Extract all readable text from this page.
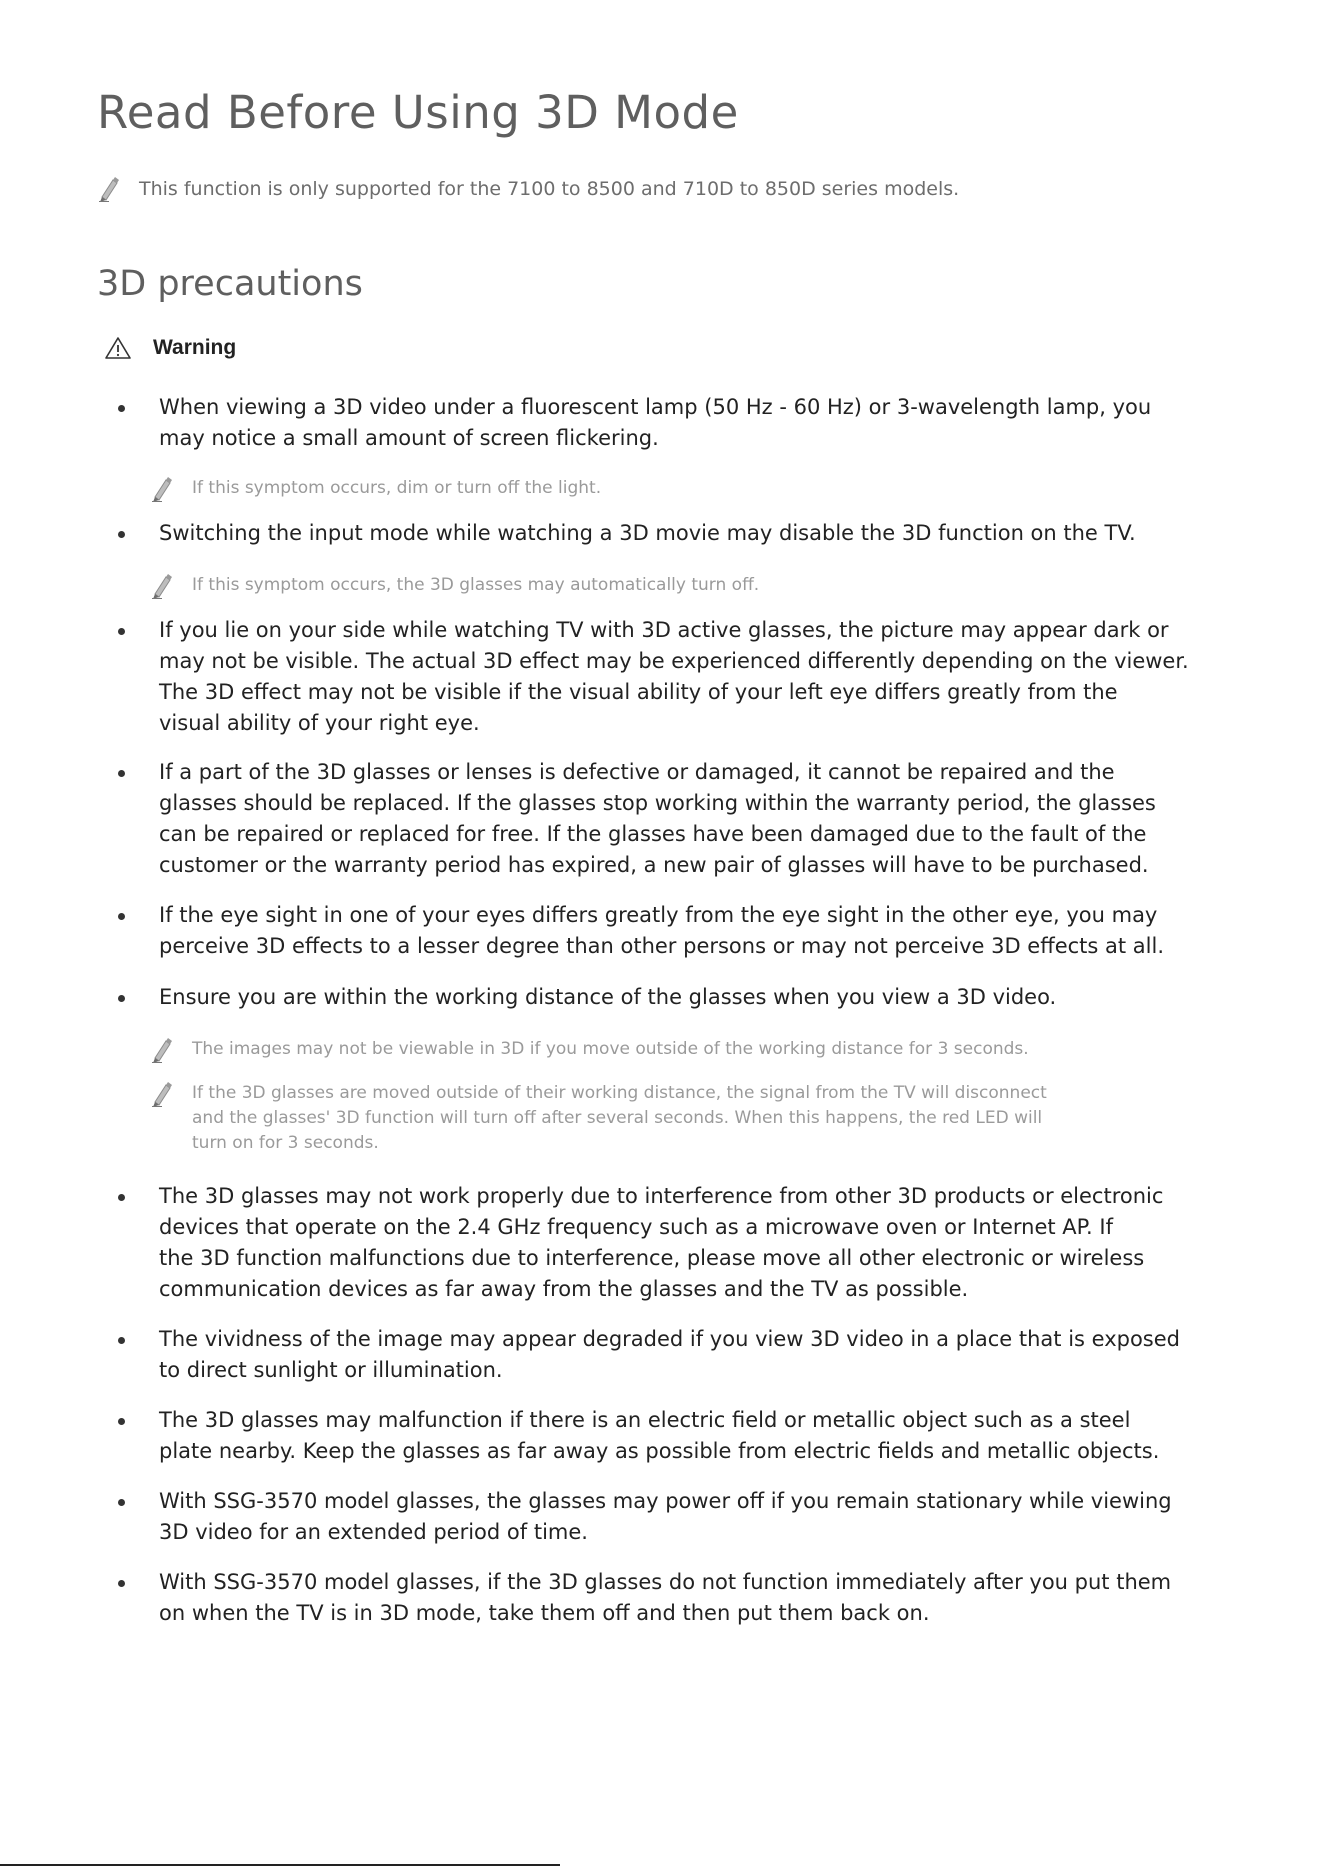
Read Before Using 3D Mode
This function is only supported for the 7100 to 8500 and 710D to 850D series models.
3D precautions
Warning
When viewing a 3D video under a fluorescent lamp (50 Hz - 60 Hz) or 3-wavelength lamp, you
may notice a small amount of screen flickering.
If this symptom occurs, dim or turn off the light.
Switching the input mode while watching a 3D movie may disable the 3D function on the TV.
If this symptom occurs, the 3D glasses may automatically turn off.
If you lie on your side while watching TV with 3D active glasses, the picture may appear dark or
may not be visible. The actual 3D effect may be experienced differently depending on the viewer.
The 3D effect may not be visible if the visual ability of your left eye differs greatly from the
visual ability of your right eye.
If a part of the 3D glasses or lenses is defective or damaged, it cannot be repaired and the
glasses should be replaced. If the glasses stop working within the warranty period, the glasses
can be repaired or replaced for free. If the glasses have been damaged due to the fault of the
customer or the warranty period has expired, a new pair of glasses will have to be purchased.
If the eye sight in one of your eyes differs greatly from the eye sight in the other eye, you may
perceive 3D effects to a lesser degree than other persons or may not perceive 3D effects at all.
Ensure you are within the working distance of the glasses when you view a 3D video.
The images may not be viewable in 3D if you move outside of the working distance for 3 seconds.
If the 3D glasses are moved outside of their working distance, the signal from the TV will disconnect
and the glasses' 3D function will turn off after several seconds. When this happens, the red LED will
turn on for 3 seconds.
The 3D glasses may not work properly due to interference from other 3D products or electronic
devices that operate on the 2.4 GHz frequency such as a microwave oven or Internet AP. If
the 3D function malfunctions due to interference, please move all other electronic or wireless
communication devices as far away from the glasses and the TV as possible.
The vividness of the image may appear degraded if you view 3D video in a place that is exposed
to direct sunlight or illumination.
The 3D glasses may malfunction if there is an electric field or metallic object such as a steel
plate nearby. Keep the glasses as far away as possible from electric fields and metallic objects.
With SSG-3570 model glasses, the glasses may power off if you remain stationary while viewing
3D video for an extended period of time.
With SSG-3570 model glasses, if the 3D glasses do not function immediately after you put them
on when the TV is in 3D mode, take them off and then put them back on.
